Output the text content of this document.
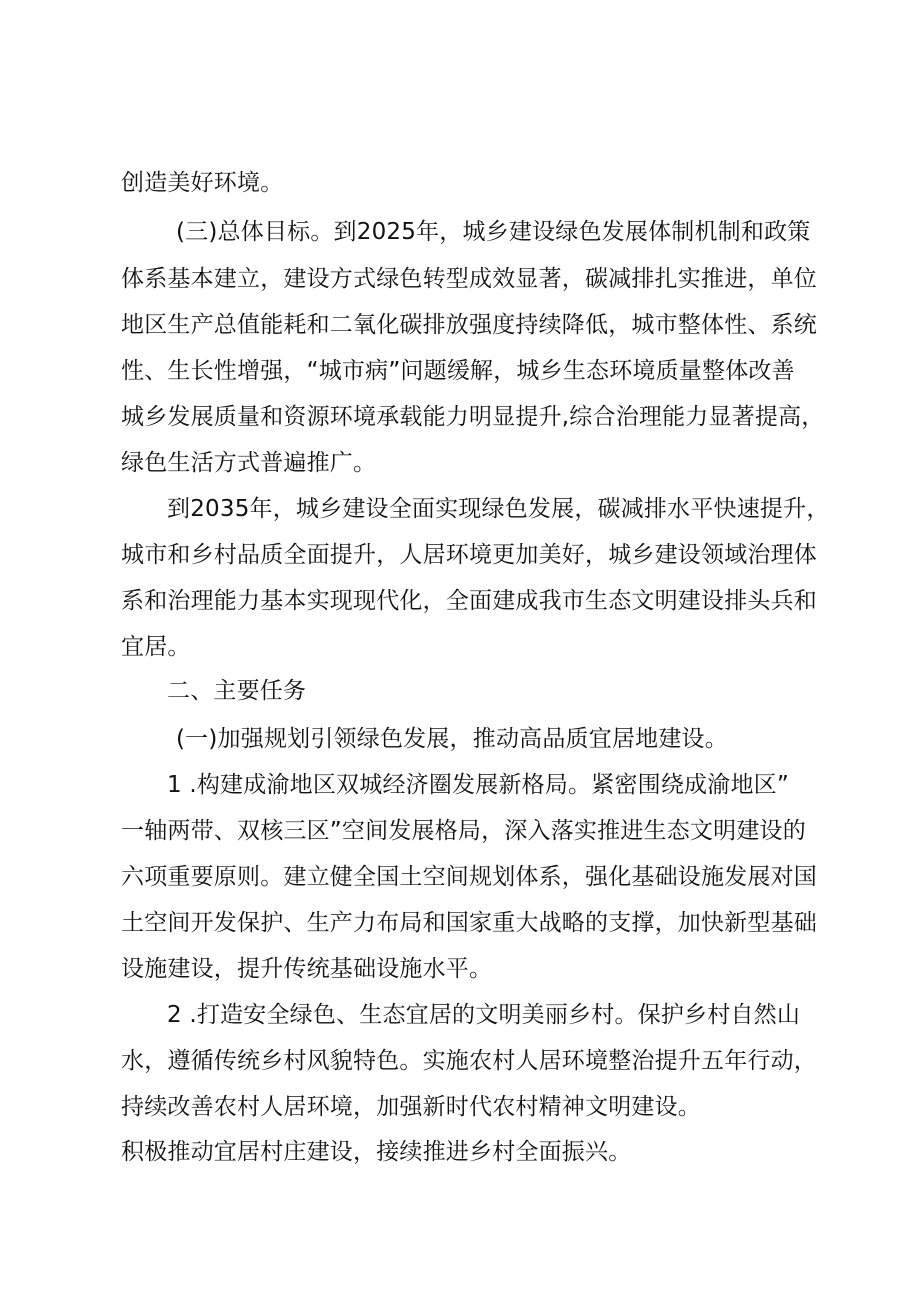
创造美好环境。
(三)总体目标。到2025年，城乡建设绿色发展体制机制和政策
体系基本建立，建设方式绿色转型成效显著，碳减排扎实推进，单位
地区生产总值能耗和二氧化碳排放强度持续降低，城市整体性、系统
性、生长性增强，“城市病”问题缓解，城乡生态环境质量整体改善
城乡发展质量和资源环境承载能力明显提升,综合治理能力显著提高，
绿色生活方式普遍推广。
到2035年，城乡建设全面实现绿色发展，碳减排水平快速提升，
城市和乡村品质全面提升，人居环境更加美好，城乡建设领域治理体
系和治理能力基本实现现代化，全面建成我市生态文明建设排头兵和
宜居。
二、主要任务
(一)加强规划引领绿色发展，推动高品质宜居地建设。
1 .构建成渝地区双城经济圈发展新格局。紧密围绕成渝地区”
一轴两带、双核三区”空间发展格局，深入落实推进生态文明建设的
六项重要原则。建立健全国土空间规划体系，强化基础设施发展对国
土空间开发保护、生产力布局和国家重大战略的支撑，加快新型基础
设施建设，提升传统基础设施水平。
2 .打造安全绿色、生态宜居的文明美丽乡村。保护乡村自然山
水，遵循传统乡村风貌特色。实施农村人居环境整治提升五年行动，
持续改善农村人居环境，加强新时代农村精神文明建设。
积极推动宜居村庄建设，接续推进乡村全面振兴。
